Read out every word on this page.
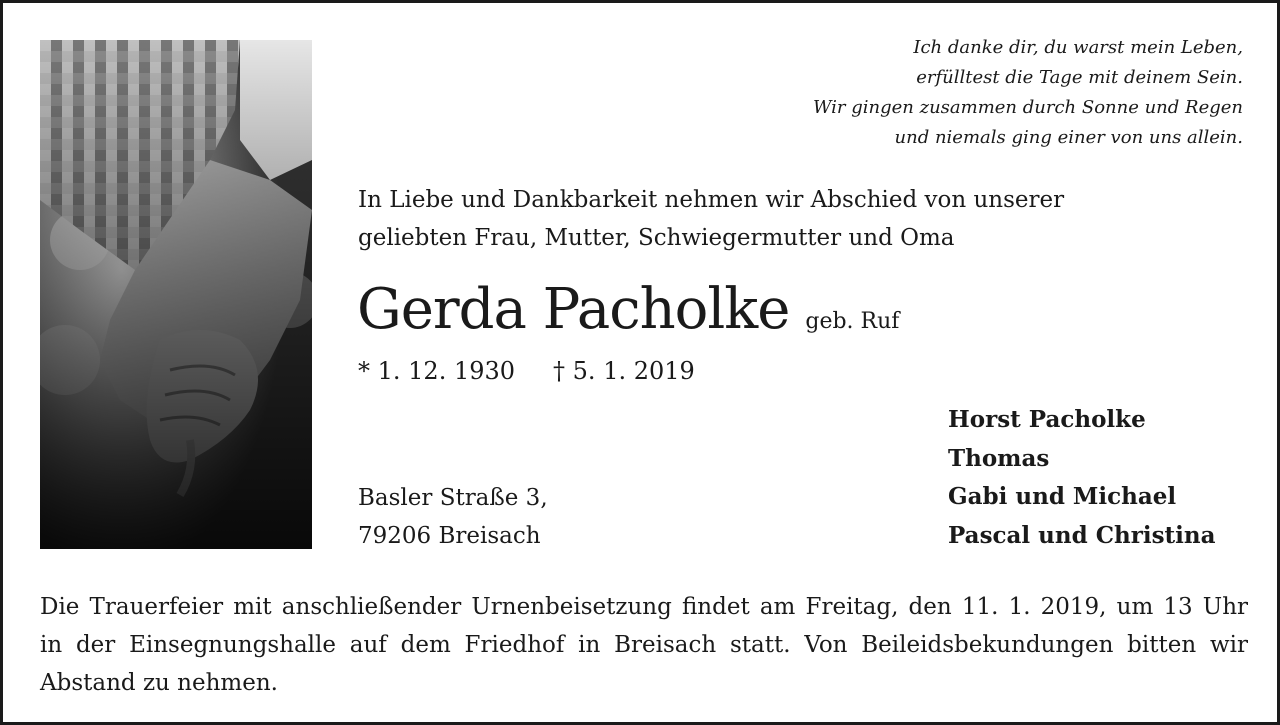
Ich danke dir, du warst mein Leben,
erfülltest die Tage mit deinem Sein.
Wir gingen zusammen durch Sonne und Regen
und niemals ging einer von uns allein.
In Liebe und Dankbarkeit nehmen wir Abschied von unserer
geliebten Frau, Mutter, Schwiegermutter und Oma
Gerda Pacholke geb. Ruf
* 1. 12. 1930 † 5. 1. 2019
Basler Straße 3,
79206 Breisach
Horst Pacholke
Thomas
Gabi und Michael
Pascal und Christina
Die Trauerfeier mit anschließender Urnenbeisetzung findet am Freitag, den 11. 1. 2019, um 13 Uhr
in der Einsegnungshalle auf dem Friedhof in Breisach statt. Von Beileidsbekundungen bitten wir
Abstand zu nehmen.
